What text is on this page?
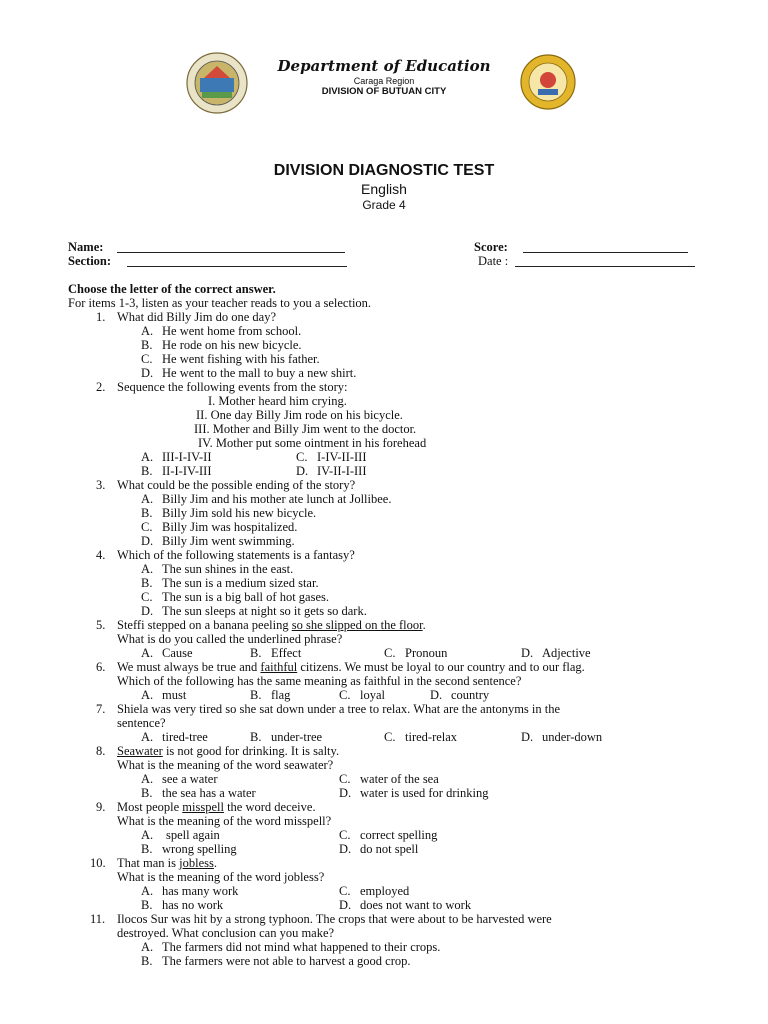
Department of Education
Caraga Region
DIVISION OF BUTUAN CITY
DIVISION DIAGNOSTIC TEST
English
Grade 4
Name:	Score:
Section:	Date :
Choose the letter of the correct answer.
For items 1-3, listen as your teacher reads to you a selection.
1. What did Billy Jim do one day?
A. He went home from school.
B. He rode on his new bicycle.
C. He went fishing with his father.
D. He went to the mall to buy a new shirt.
2. Sequence the following events from the story:
I. Mother heard him crying.
II. One day Billy Jim rode on his bicycle.
III. Mother and Billy Jim went to the doctor.
IV. Mother put some ointment in his forehead
A. III-I-IV-II	C. I-IV-II-III
B. II-I-IV-III	D. IV-II-I-III
3. What could be the possible ending of the story?
A. Billy Jim and his mother ate lunch at Jollibee.
B. Billy Jim sold his new bicycle.
C. Billy Jim was hospitalized.
D. Billy Jim went swimming.
4. Which of the following statements is a fantasy?
A. The sun shines in the east.
B. The sun is a medium sized star.
C. The sun is a big ball of hot gases.
D. The sun sleeps at night so it gets so dark.
5. Steffi stepped on a banana peeling so she slipped on the floor.
What is do you called the underlined phrase?
A. Cause	B. Effect	C. Pronoun	D. Adjective
6. We must always be true and faithful citizens. We must be loyal to our country and to our flag.
Which of the following has the same meaning as faithful in the second sentence?
A. must	B. flag	C. loyal	D. country
7. Shiela was very tired so she sat down under a tree to relax. What are the antonyms in the
sentence?
A. tired-tree	B. under-tree	C. tired-relax	D. under-down
8. Seawater is not good for drinking. It is salty.
What is the meaning of the word seawater?
A. see a water	C. water of the sea
B. the sea has a water	D. water is used for drinking
9. Most people misspell the word deceive.
What is the meaning of the word misspell?
A. spell again	C. correct spelling
B. wrong spelling	D. do not spell
10. That man is jobless.
What is the meaning of the word jobless?
A. has many work	C. employed
B. has no work	D. does not want to work
11. Ilocos Sur was hit by a strong typhoon. The crops that were about to be harvested were
destroyed. What conclusion can you make?
A. The farmers did not mind what happened to their crops.
B. The farmers were not able to harvest a good crop.
